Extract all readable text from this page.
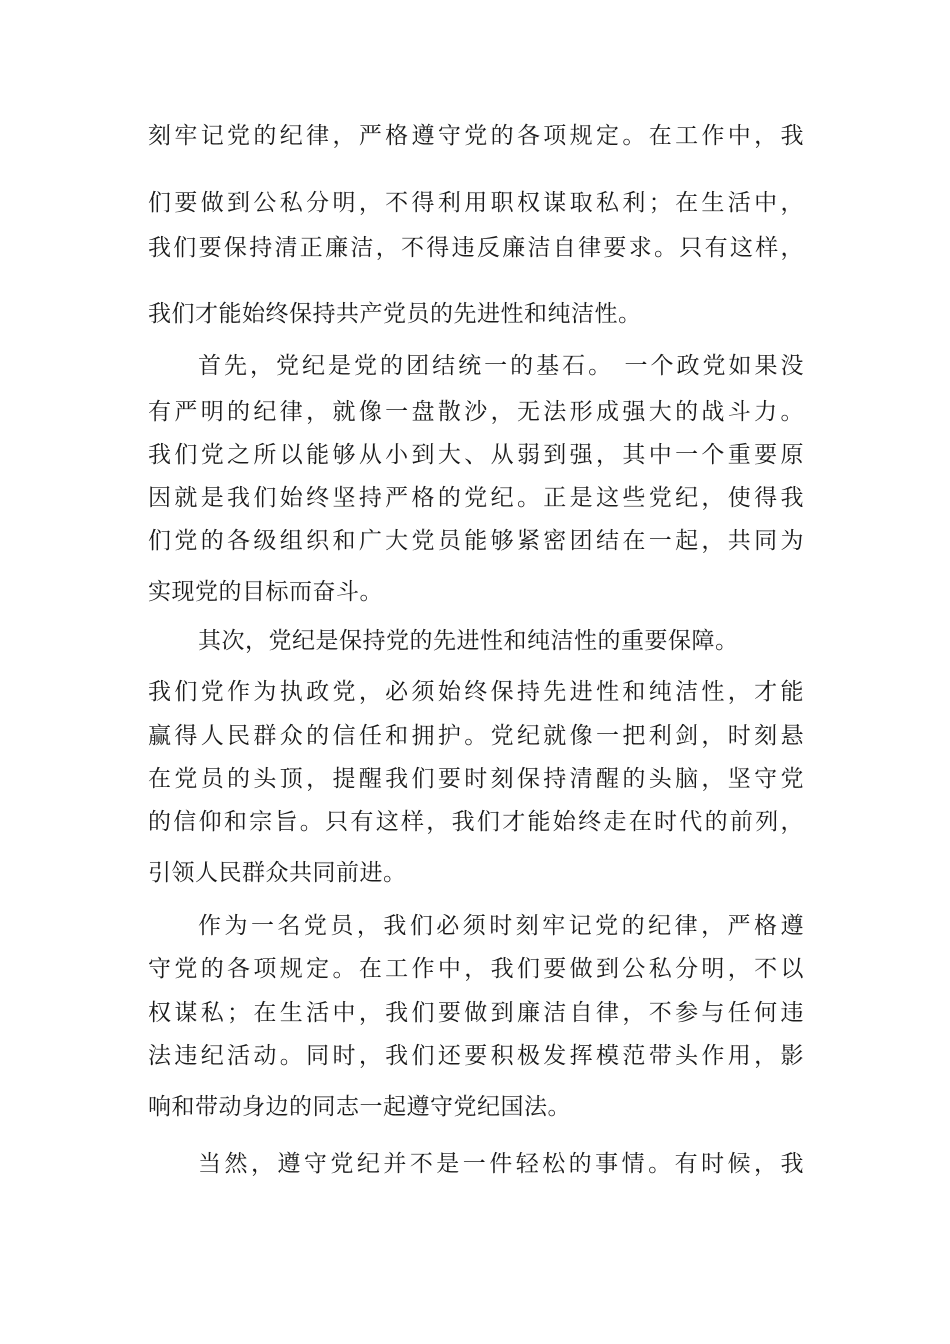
刻牢记党的纪律，严格遵守党的各项规定。在工作中，我
们要做到公私分明，不得利用职权谋取私利；在生活中，
我们要保持清正廉洁，不得违反廉洁自律要求。只有这样，
我们才能始终保持共产党员的先进性和纯洁性。
首先，党纪是党的团结统一的基石。 一个政党如果没
有严明的纪律，就像一盘散沙，无法形成强大的战斗力。
我们党之所以能够从小到大、从弱到强，其中一个重要原
因就是我们始终坚持严格的党纪。正是这些党纪，使得我
们党的各级组织和广大党员能够紧密团结在一起，共同为
实现党的目标而奋斗。
其次，党纪是保持党的先进性和纯洁性的重要保障。
我们党作为执政党，必须始终保持先进性和纯洁性，才能
赢得人民群众的信任和拥护。党纪就像一把利剑，时刻悬
在党员的头顶，提醒我们要时刻保持清醒的头脑，坚守党
的信仰和宗旨。只有这样，我们才能始终走在时代的前列，
引领人民群众共同前进。
作为一名党员，我们必须时刻牢记党的纪律，严格遵
守党的各项规定。在工作中，我们要做到公私分明，不以
权谋私；在生活中，我们要做到廉洁自律，不参与任何违
法违纪活动。同时，我们还要积极发挥模范带头作用，影
响和带动身边的同志一起遵守党纪国法。
当然，遵守党纪并不是一件轻松的事情。有时候，我
